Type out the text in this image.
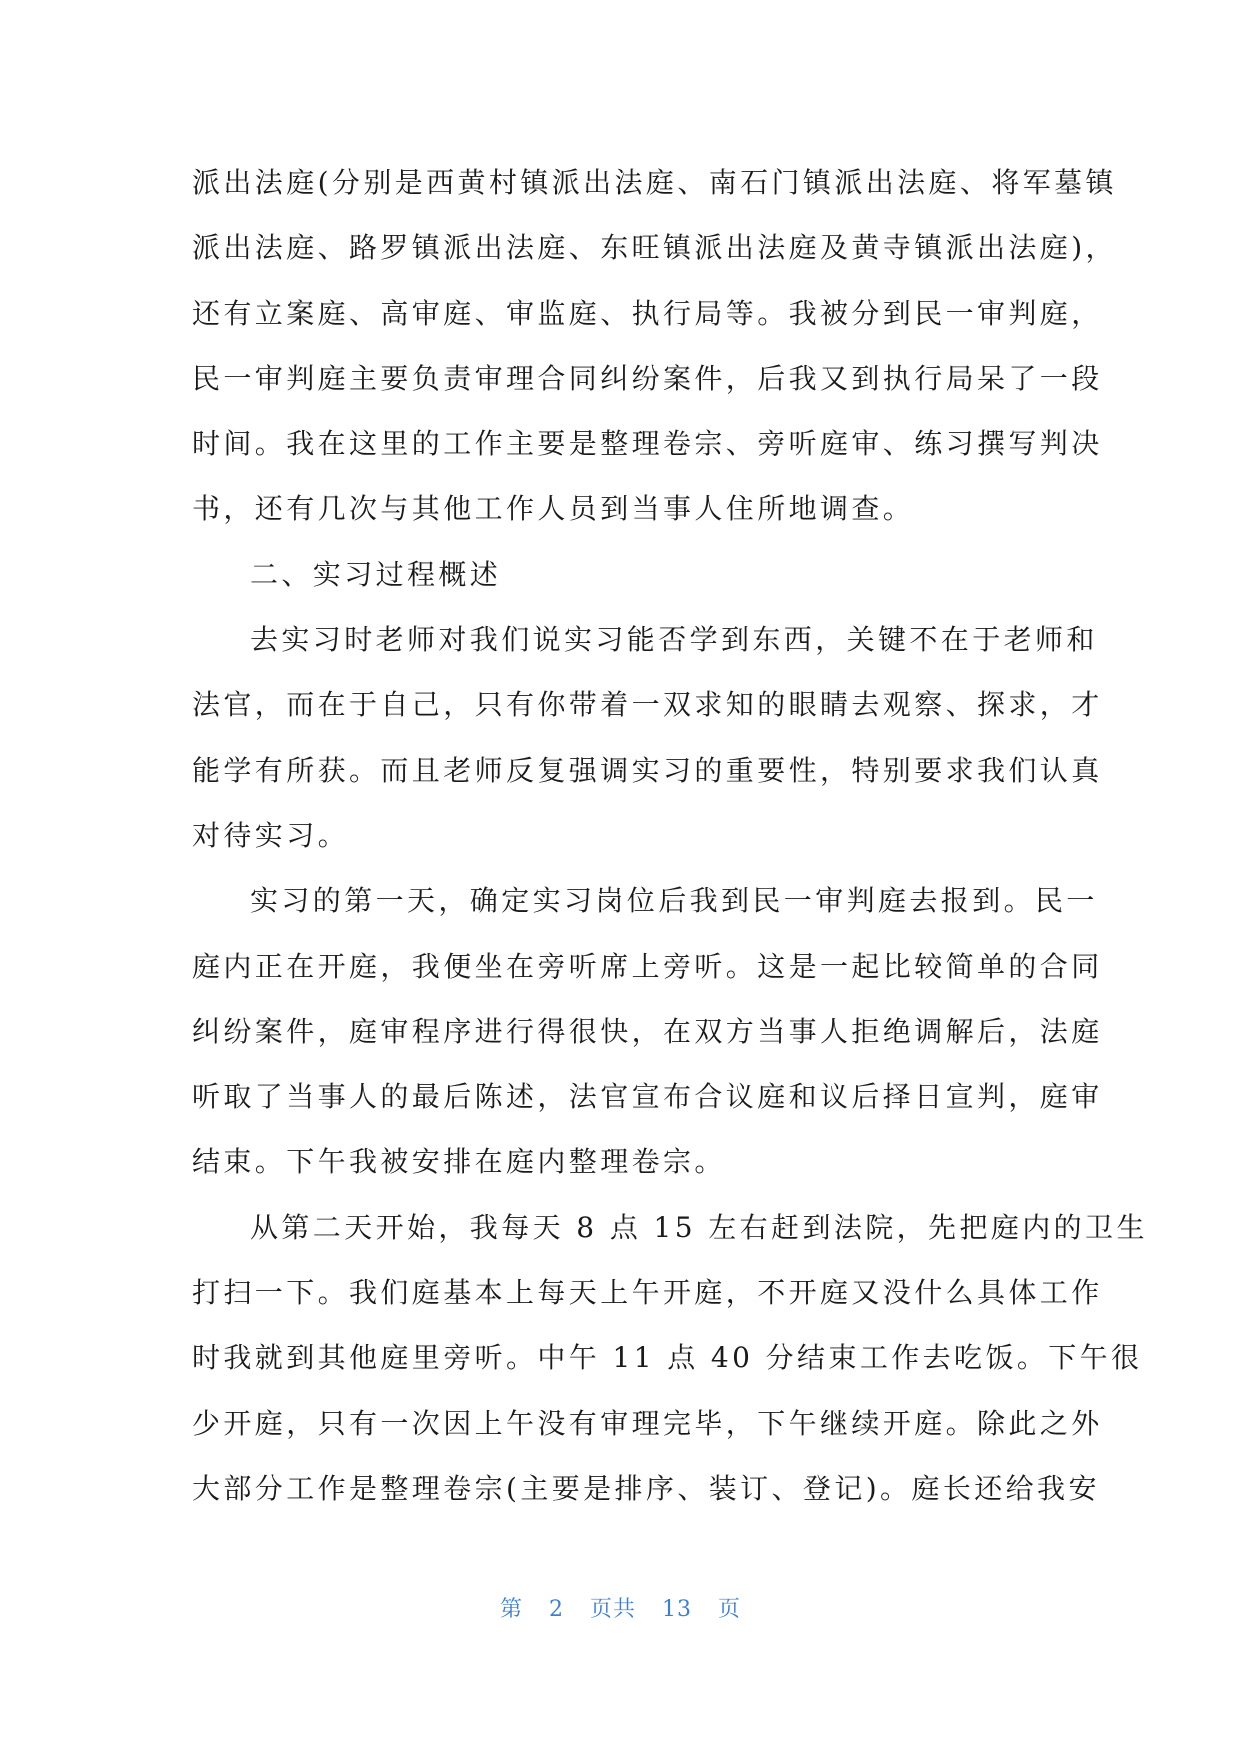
派出法庭(分别是西黄村镇派出法庭、南石门镇派出法庭、将军墓镇
派出法庭、路罗镇派出法庭、东旺镇派出法庭及黄寺镇派出法庭)，
还有立案庭、高审庭、审监庭、执行局等。我被分到民一审判庭，
民一审判庭主要负责审理合同纠纷案件，后我又到执行局呆了一段
时间。我在这里的工作主要是整理卷宗、旁听庭审、练习撰写判决
书，还有几次与其他工作人员到当事人住所地调查。
二、实习过程概述
去实习时老师对我们说实习能否学到东西，关键不在于老师和
法官，而在于自己，只有你带着一双求知的眼睛去观察、探求，才
能学有所获。而且老师反复强调实习的重要性，特别要求我们认真
对待实习。
实习的第一天，确定实习岗位后我到民一审判庭去报到。民一
庭内正在开庭，我便坐在旁听席上旁听。这是一起比较简单的合同
纠纷案件，庭审程序进行得很快，在双方当事人拒绝调解后，法庭
听取了当事人的最后陈述，法官宣布合议庭和议后择日宣判，庭审
结束。下午我被安排在庭内整理卷宗。
从第二天开始，我每天 8 点 15 左右赶到法院，先把庭内的卫生
打扫一下。我们庭基本上每天上午开庭，不开庭又没什么具体工作
时我就到其他庭里旁听。中午 11 点 40 分结束工作去吃饭。下午很
少开庭，只有一次因上午没有审理完毕，下午继续开庭。除此之外
大部分工作是整理卷宗(主要是排序、装订、登记)。庭长还给我安
第 2 页共 13 页
